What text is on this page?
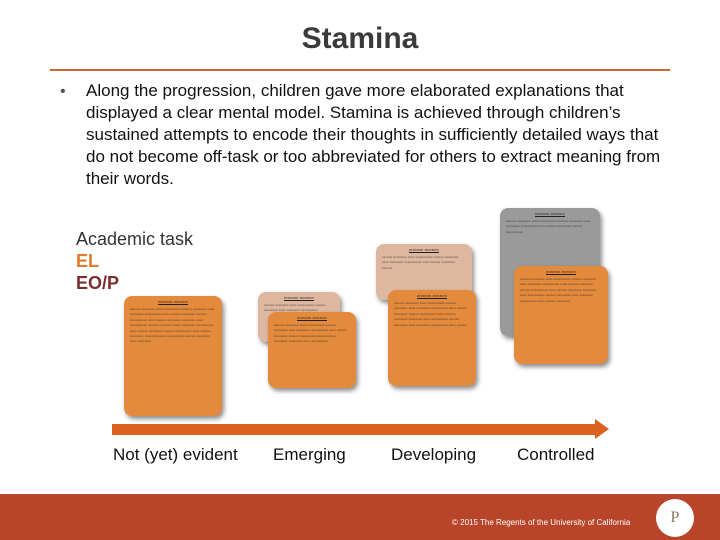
Stamina
•	Along the progression, children gave more elaborated explanations that displayed a clear mental model. Stamina is achieved through children’s sustained attempts to encode their thoughts in sufficiently detailed ways that do not become off-task or too abbreviated for others to extract meaning from their words.

Academic task
EL
EO/P
▭▭▭▭ ▭▭▭▭
▭▭▭ ▭▭▭▭ ▭▭ ▭▭▭▭▭ ▭▭▭ ▭▭▭▭ ▭▭ ▭▭▭▭ ▭▭▭▭▭ ▭▭ ▭▭▭ ▭▭▭▭ ▭▭▭ ▭▭▭▭▭ ▭▭ ▭▭▭ ▭▭▭▭ ▭▭▭▭ ▭▭ ▭▭▭▭▭ ▭▭▭ ▭▭▭▭ ▭▭ ▭▭▭▭ ▭▭▭▭▭ ▭▭ ▭▭▭ ▭▭▭▭ ▭▭▭ ▭▭▭▭▭ ▭▭ ▭▭▭ ▭▭▭▭ ▭▭▭▭ ▭▭ ▭▭▭▭▭ ▭▭▭ ▭▭▭▭ ▭▭ ▭▭▭▭
▭▭▭▭ ▭▭▭▭
▭▭▭ ▭▭▭▭ ▭▭ ▭▭▭▭▭ ▭▭▭ ▭▭▭▭ ▭▭ ▭▭▭▭ ▭▭▭▭▭
▭▭▭▭ ▭▭▭▭
▭▭▭ ▭▭▭▭ ▭▭ ▭▭▭▭▭ ▭▭▭ ▭▭▭▭ ▭▭ ▭▭▭▭ ▭▭▭▭▭ ▭▭ ▭▭▭ ▭▭▭▭ ▭▭▭ ▭▭▭▭▭ ▭▭ ▭▭▭ ▭▭▭▭ ▭▭▭▭ ▭▭ ▭▭▭▭▭
▭▭▭▭ ▭▭▭▭
▭▭▭ ▭▭▭▭ ▭▭ ▭▭▭▭▭ ▭▭▭ ▭▭▭▭ ▭▭ ▭▭▭▭ ▭▭▭▭▭ ▭▭ ▭▭▭ ▭▭▭▭ ▭▭▭
▭▭▭▭ ▭▭▭▭
▭▭▭ ▭▭▭▭ ▭▭ ▭▭▭▭▭ ▭▭▭ ▭▭▭▭ ▭▭ ▭▭▭▭ ▭▭▭▭▭ ▭▭ ▭▭▭ ▭▭▭▭ ▭▭▭ ▭▭▭▭▭ ▭▭ ▭▭▭ ▭▭▭▭ ▭▭▭▭ ▭▭ ▭▭▭▭▭ ▭▭▭ ▭▭▭▭ ▭▭ ▭▭▭▭ ▭▭▭▭▭ ▭▭ ▭▭▭
▭▭▭▭ ▭▭▭▭
▭▭▭ ▭▭▭▭ ▭▭ ▭▭▭▭▭ ▭▭▭ ▭▭▭▭ ▭▭ ▭▭▭▭ ▭▭▭▭▭ ▭▭ ▭▭▭ ▭▭▭▭ ▭▭▭ ▭▭▭▭▭
▭▭▭▭ ▭▭▭▭
▭▭▭ ▭▭▭▭ ▭▭ ▭▭▭▭▭ ▭▭▭ ▭▭▭▭ ▭▭ ▭▭▭▭ ▭▭▭▭▭ ▭▭ ▭▭▭ ▭▭▭▭ ▭▭▭ ▭▭▭▭▭ ▭▭ ▭▭▭ ▭▭▭▭ ▭▭▭▭ ▭▭ ▭▭▭▭▭ ▭▭▭ ▭▭▭▭ ▭▭ ▭▭▭▭ ▭▭▭▭▭ ▭▭ ▭▭▭ ▭▭▭▭
Not (yet) evident Emerging	Developing Controlled
© 2015 The Regents of the University of California	P
